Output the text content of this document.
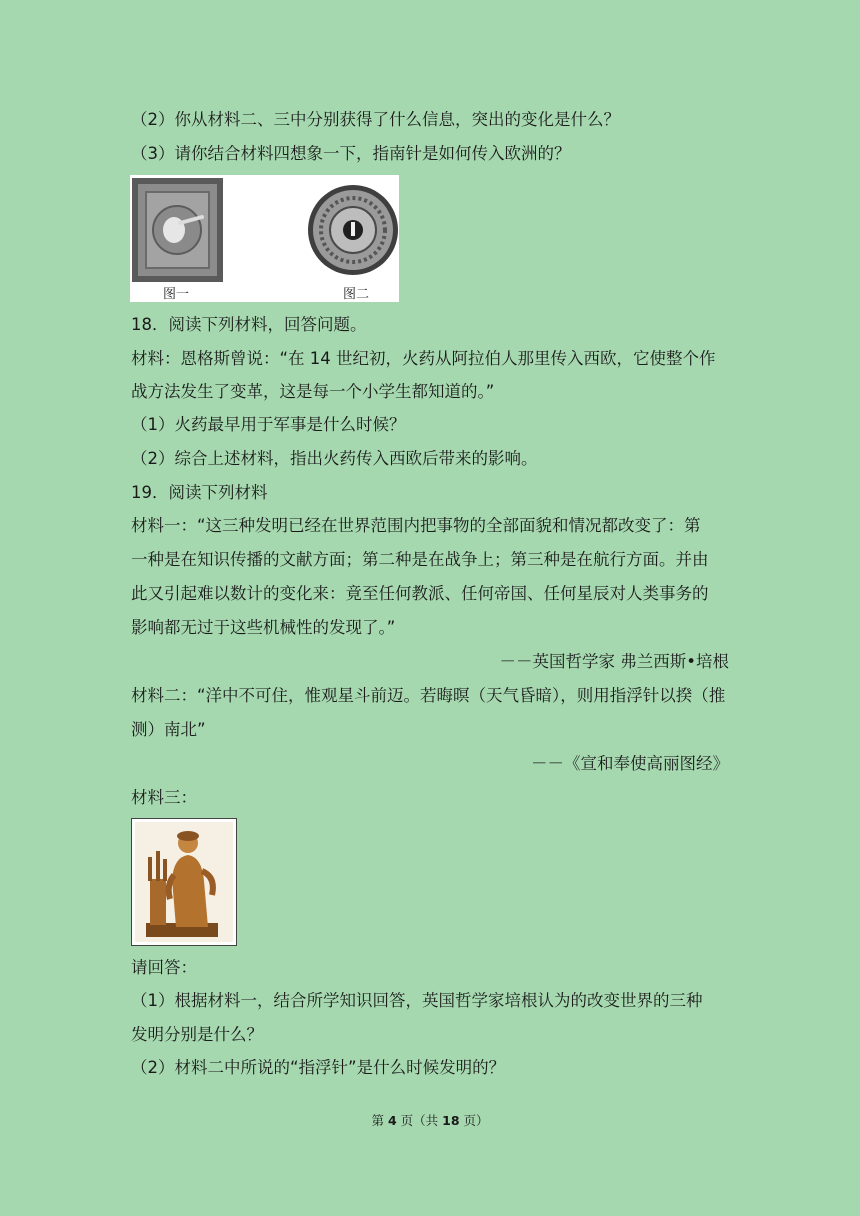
（2）你从材料二、三中分别获得了什么信息，突出的变化是什么？
（3）请你结合材料四想象一下，指南针是如何传入欧洲的？
图一	图二
18．阅读下列材料，回答问题。
材料：恩格斯曾说：“在 14 世纪初，火药从阿拉伯人那里传入西欧，它使整个作
战方法发生了变革，这是每一个小学生都知道的。”
（1）火药最早用于军事是什么时候？
（2）综合上述材料，指出火药传入西欧后带来的影响。
19．阅读下列材料
材料一：“这三种发明已经在世界范围内把事物的全部面貌和情况都改变了：第
一种是在知识传播的文献方面；第二种是在战争上；第三种是在航行方面。并由
此又引起难以数计的变化来：竟至任何教派、任何帝国、任何星辰对人类事务的
影响都无过于这些机械性的发现了。”
－－英国哲学家 弗兰西斯•培根
材料二：“洋中不可住，惟观星斗前迈。若晦暝（天气昏暗），则用指浮针以揆（推
测）南北”
－－《宣和奉使高丽图经》
材料三：
请回答：
（1）根据材料一，结合所学知识回答，英国哲学家培根认为的改变世界的三种
发明分别是什么？
（2）材料二中所说的“指浮针”是什么时候发明的？
第 4 页（共 18 页）
